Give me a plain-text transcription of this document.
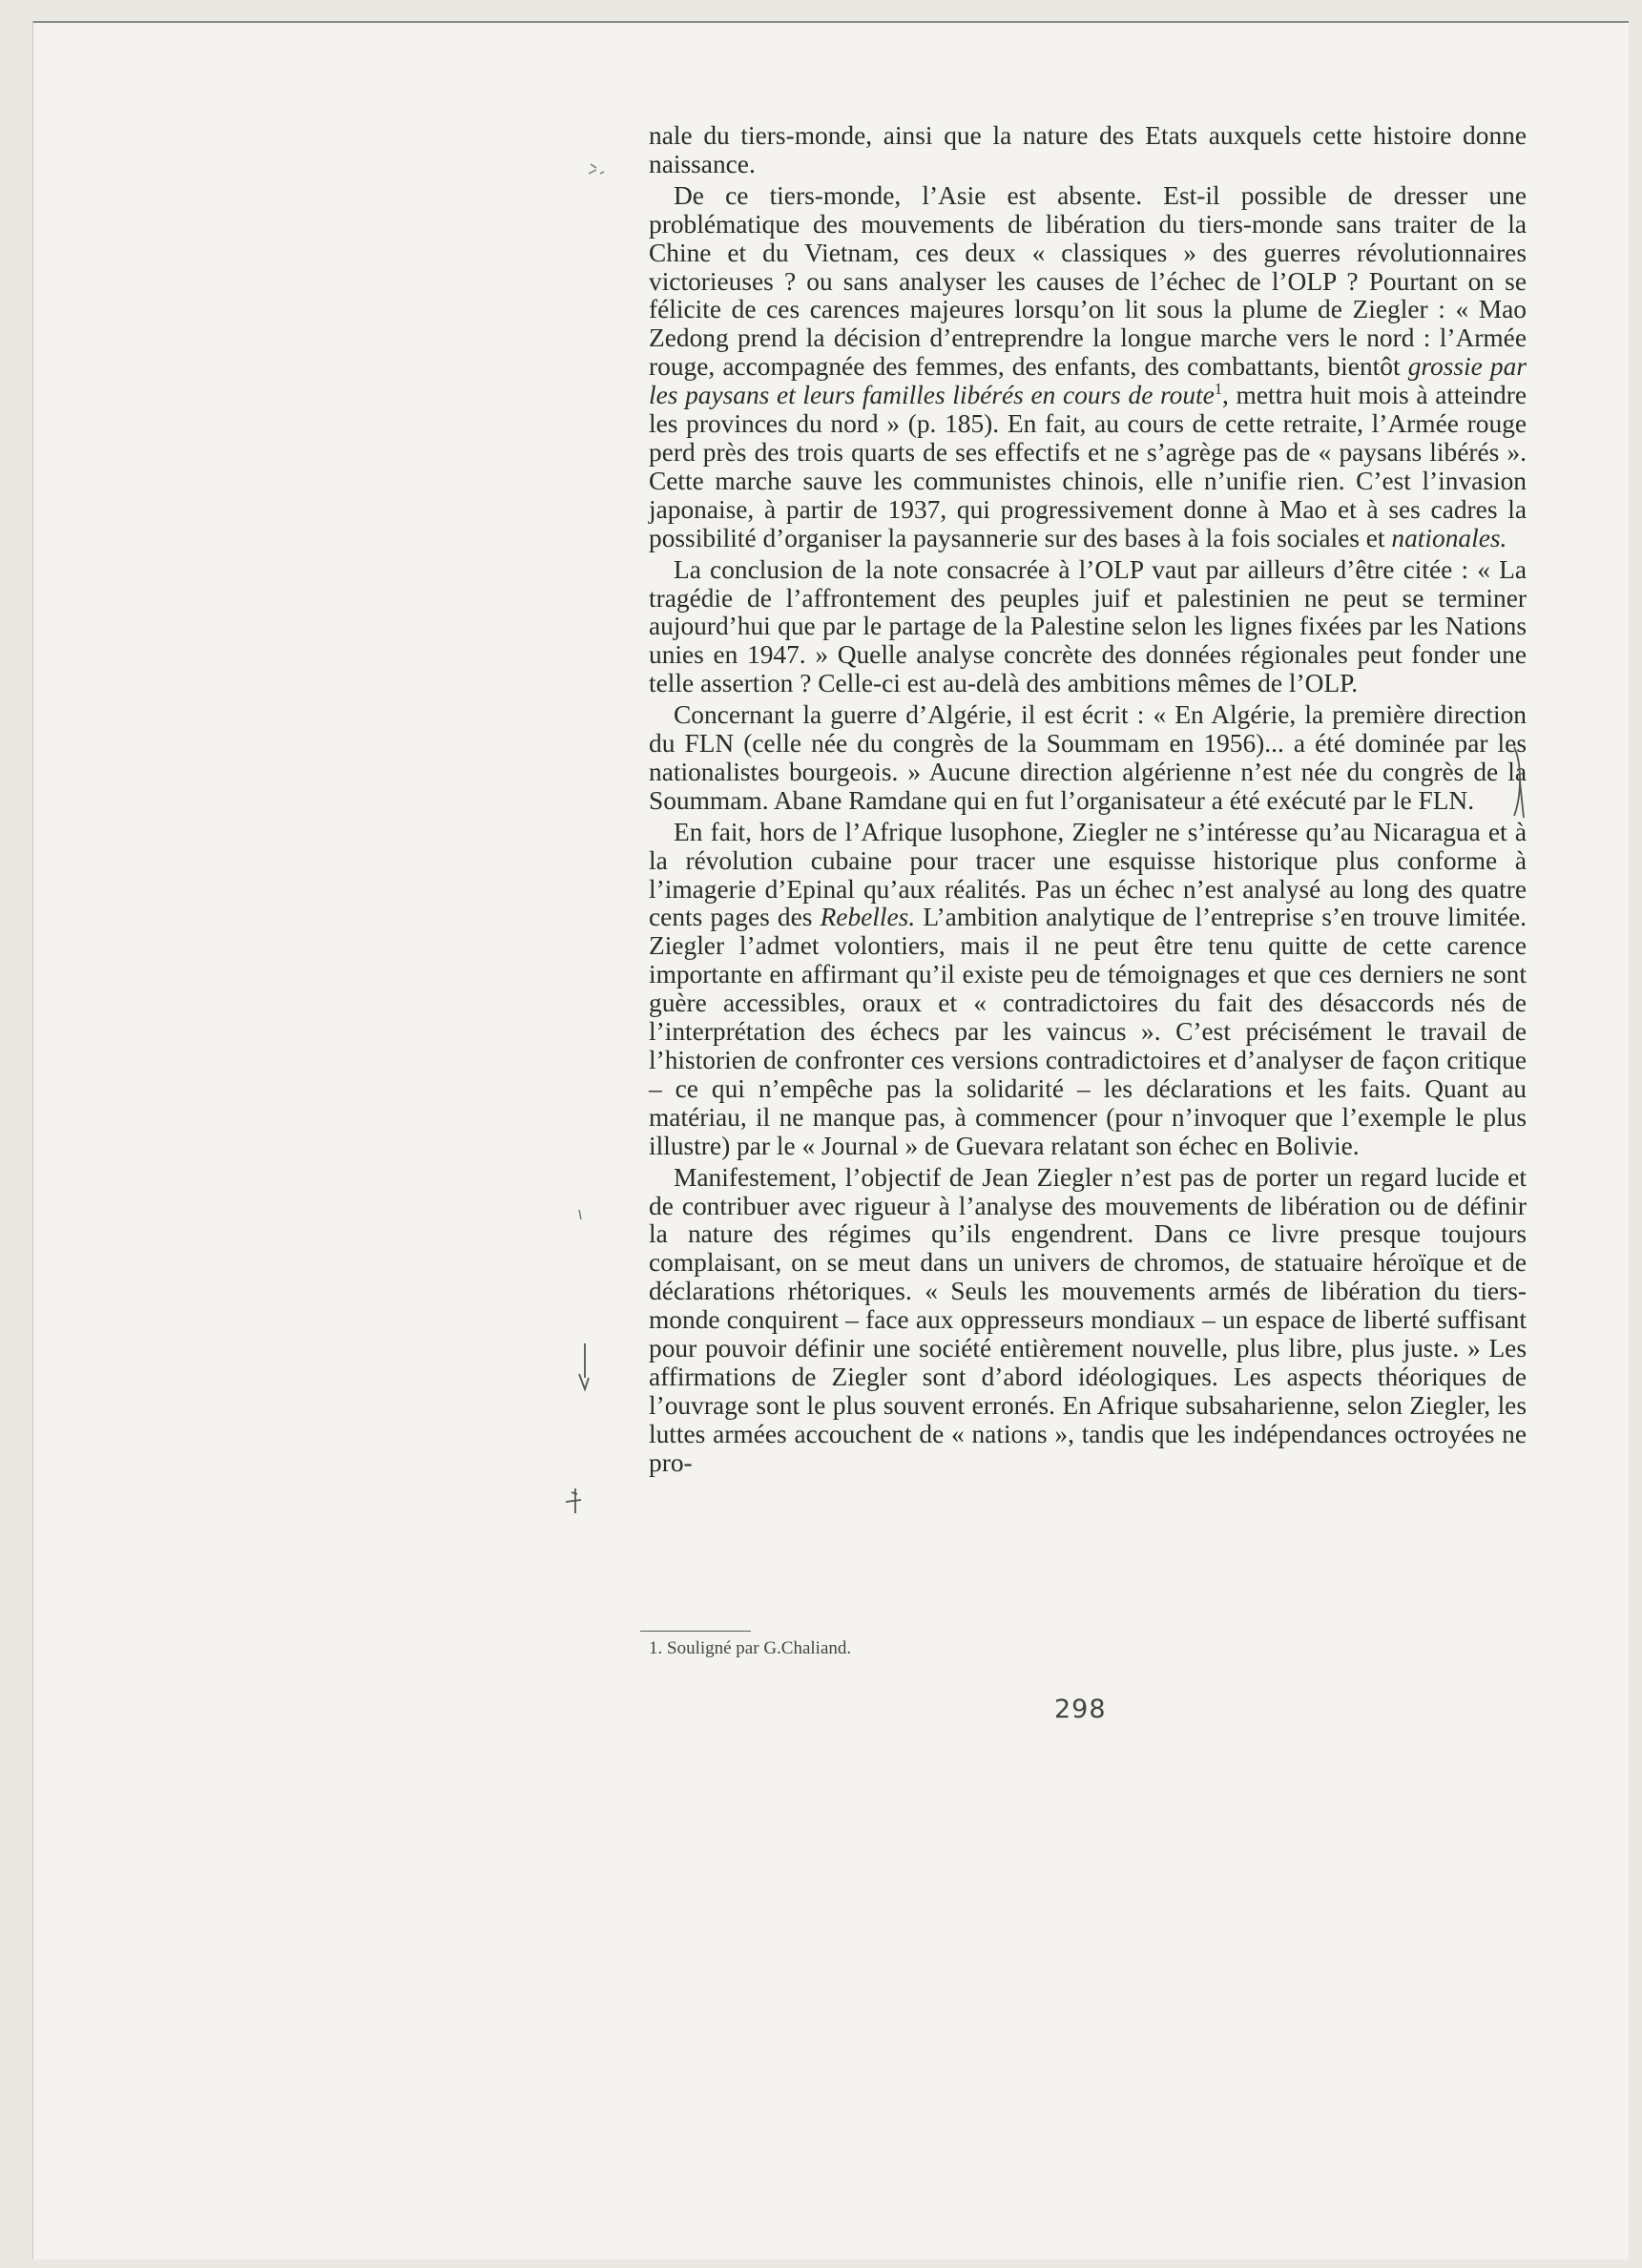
nale du tiers-monde, ainsi que la nature des Etats auxquels cette histoire donne naissance.

De ce tiers-monde, l’Asie est absente. Est-il possible de dresser une problématique des mouvements de libération du tiers-monde sans traiter de la Chine et du Vietnam, ces deux « classiques » des guerres révolutionnaires victorieuses ? ou sans analyser les causes de l’échec de l’OLP ? Pourtant on se félicite de ces carences majeures lorsqu’on lit sous la plume de Ziegler : « Mao Zedong prend la décision d’entreprendre la longue marche vers le nord : l’Armée rouge, accompagnée des femmes, des enfants, des combattants, bientôt grossie par les paysans et leurs familles libérés en cours de route$^1$, mettra huit mois à atteindre les provinces du nord » (p. 185). En fait, au cours de cette retraite, l’Armée rouge perd près des trois quarts de ses effectifs et ne s’agrège pas de « paysans libérés ». Cette marche sauve les communistes chinois, elle n’unifie rien. C’est l’invasion japonaise, à partir de 1937, qui progressivement donne à Mao et à ses cadres la possibilité d’organiser la paysannerie sur des bases à la fois sociales et nationales.

La conclusion de la note consacrée à l’OLP vaut par ailleurs d’être citée : « La tragédie de l’affrontement des peuples juif et palestinien ne peut se terminer aujourd’hui que par le partage de la Palestine selon les lignes fixées par les Nations unies en 1947. » Quelle analyse concrète des données régionales peut fonder une telle assertion ? Celle-ci est au-delà des ambitions mêmes de l’OLP.

Concernant la guerre d’Algérie, il est écrit : « En Algérie, la première direction du FLN (celle née du congrès de la Soummam en 1956)... a été dominée par les nationalistes bourgeois. » Aucune direction algérienne n’est née du congrès de la Soummam. Abane Ramdane qui en fut l’organisateur a été exécuté par le FLN.

En fait, hors de l’Afrique lusophone, Ziegler ne s’intéresse qu’au Nicaragua et à la révolution cubaine pour tracer une esquisse historique plus conforme à l’imagerie d’Epinal qu’aux réalités. Pas un échec n’est analysé au long des quatre cents pages des Rebelles. L’ambition analytique de l’entreprise s’en trouve limitée. Ziegler l’admet volontiers, mais il ne peut être tenu quitte de cette carence importante en affirmant qu’il existe peu de témoignages et que ces derniers ne sont guère accessibles, oraux et « contradictoires du fait des désaccords nés de l’interprétation des échecs par les vaincus ». C’est précisément le travail de l’historien de confronter ces versions contradictoires et d’analyser de façon critique – ce qui n’empêche pas la solidarité – les déclarations et les faits. Quant au matériau, il ne manque pas, à commencer (pour n’invoquer que l’exemple le plus illustre) par le « Journal » de Guevara relatant son échec en Bolivie.

Manifestement, l’objectif de Jean Ziegler n’est pas de porter un regard lucide et de contribuer avec rigueur à l’analyse des mouvements de libération ou de définir la nature des régimes qu’ils engendrent. Dans ce livre presque toujours complaisant, on se meut dans un univers de chromos, de statuaire héroïque et de déclarations rhétoriques. « Seuls les mouvements armés de libération du tiers-monde conquirent – face aux oppresseurs mondiaux – un espace de liberté suffisant pour pouvoir définir une société entièrement nouvelle, plus libre, plus juste. » Les affirmations de Ziegler sont d’abord idéologiques. Les aspects théoriques de l’ouvrage sont le plus souvent erronés. En Afrique subsaharienne, selon Ziegler, les luttes armées accouchent de « nations », tandis que les indépendances octroyées ne pro-

1. Souligné par G.Chaliand.
298
